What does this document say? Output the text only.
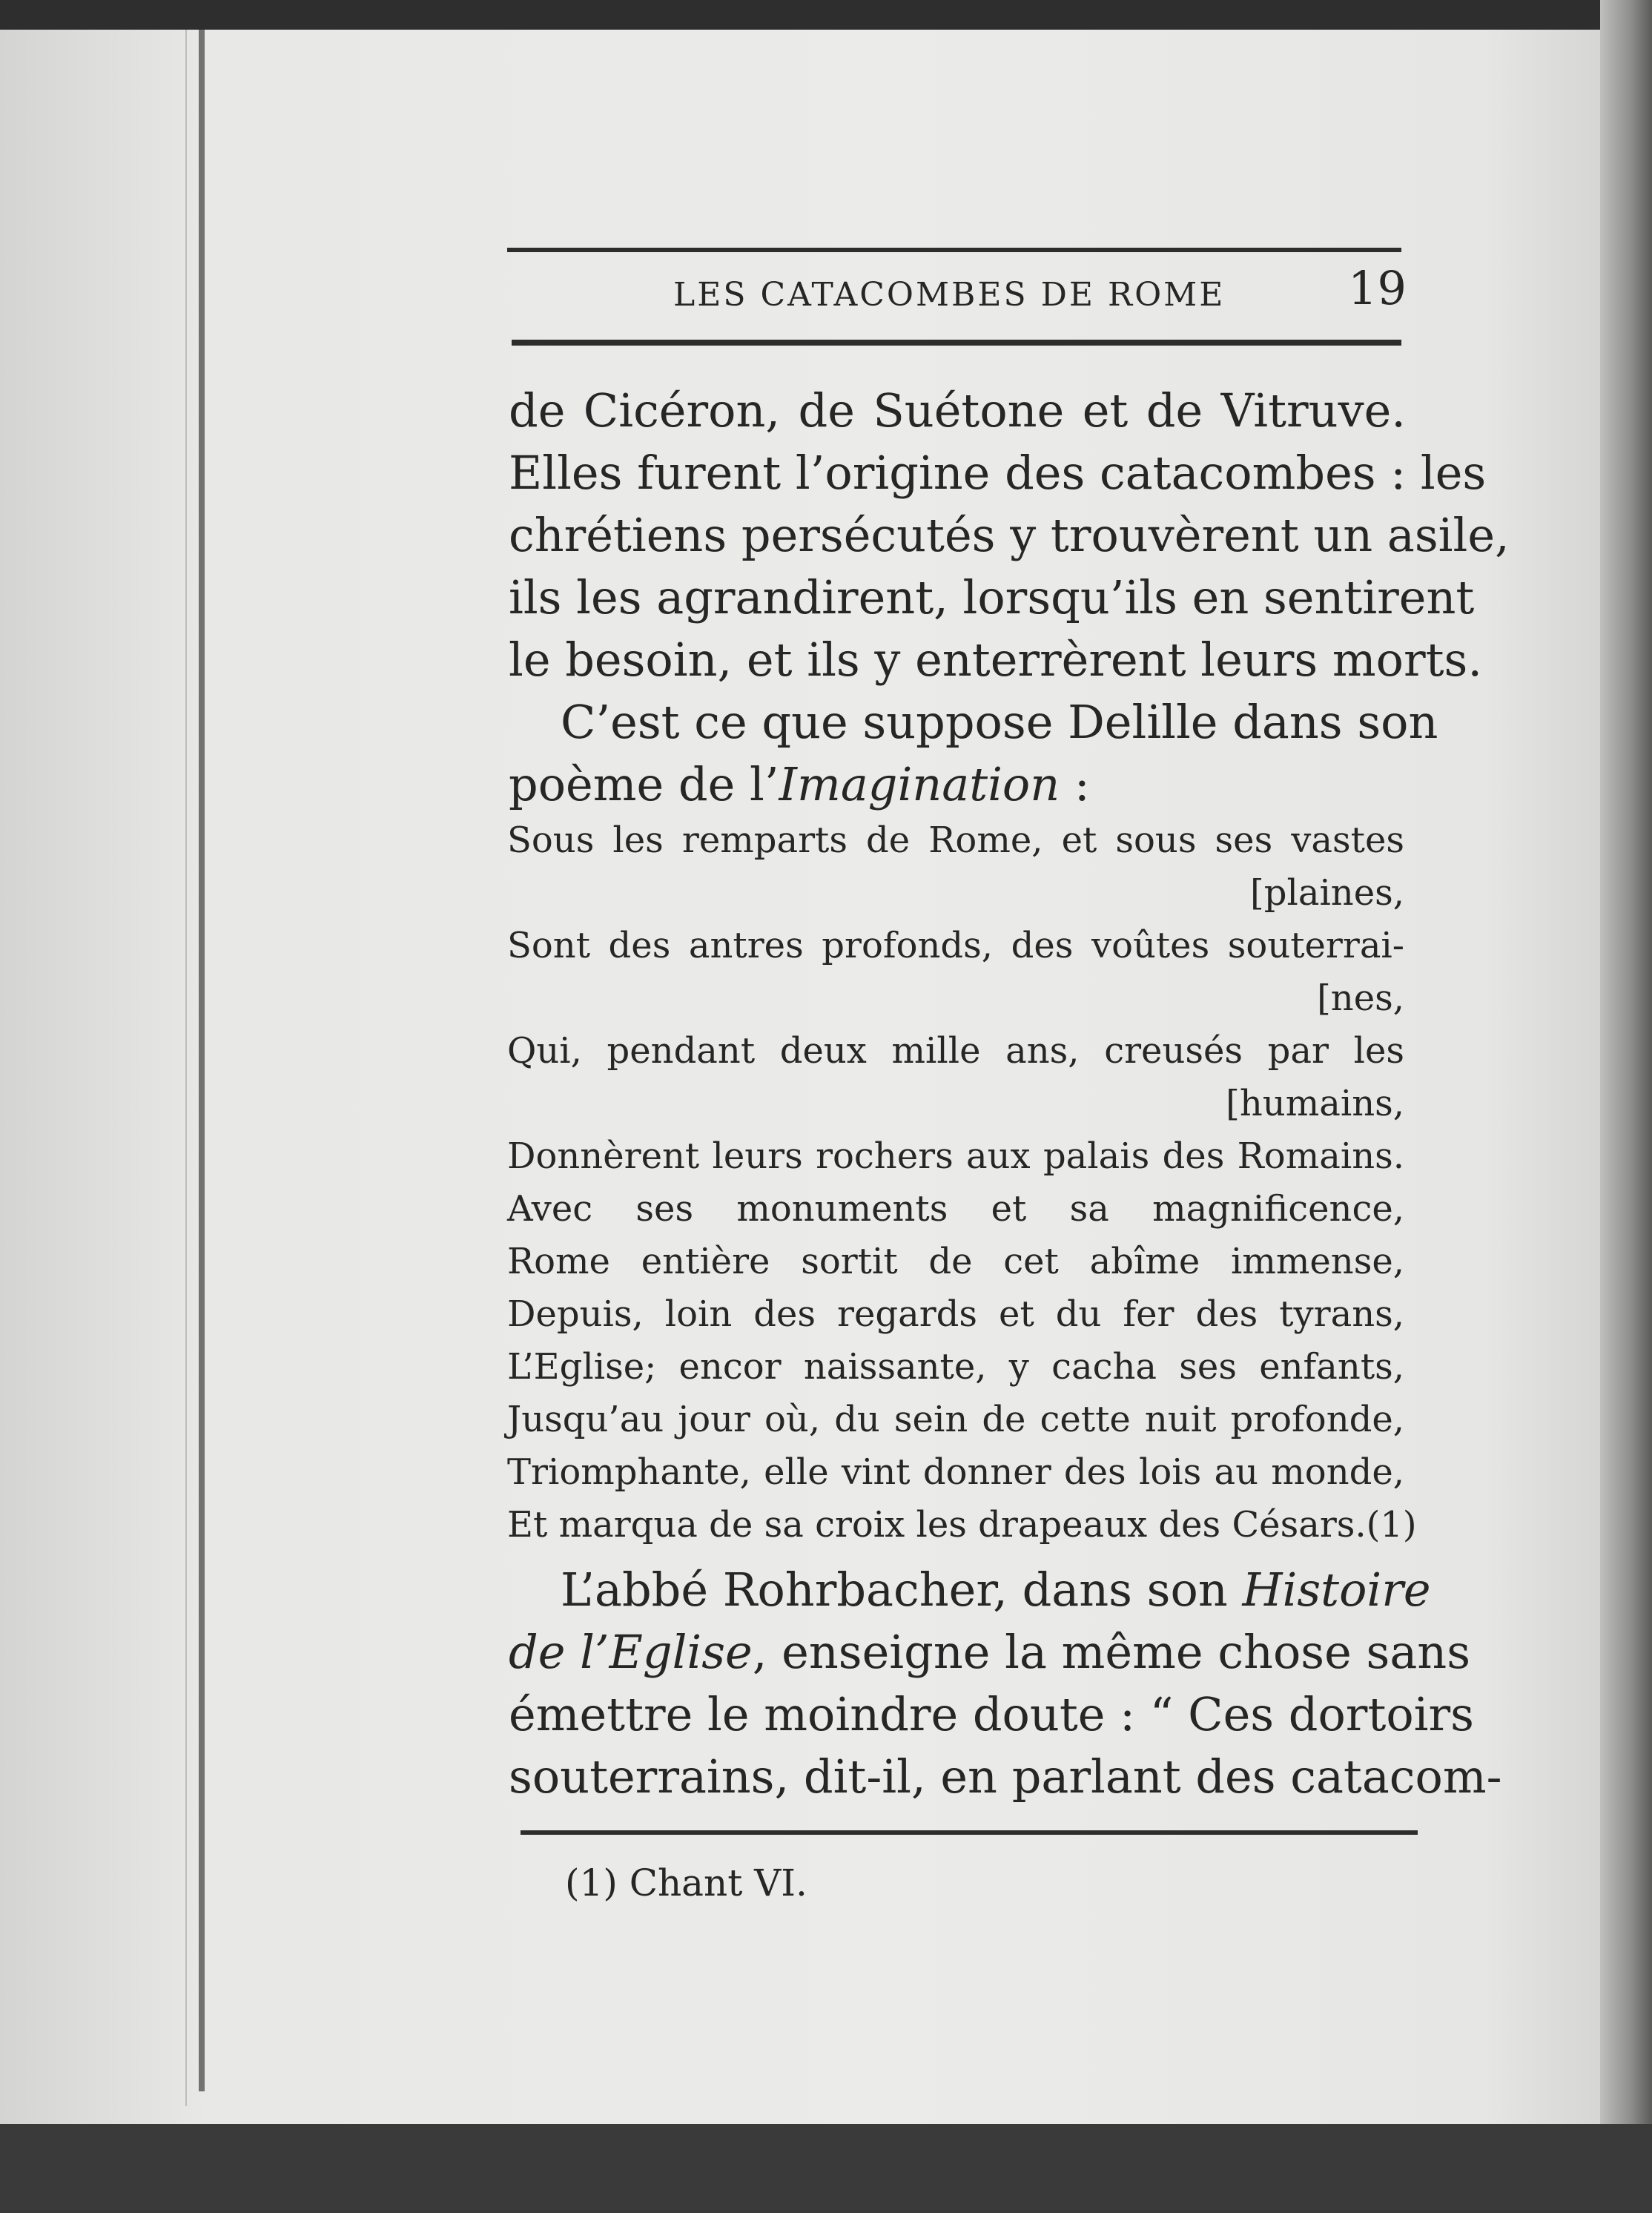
LES CATACOMBES DE ROME	19
de Cicéron, de Suétone et de Vitruve.
Elles furent l’origine des catacombes : les
chrétiens persécutés y trouvèrent un asile,
ils les agrandirent, lorsqu’ils en sentirent
le besoin, et ils y enterrèrent leurs morts.
C’est ce que suppose Delille dans son
poème de l’Imagination :
Sous les remparts de Rome, et sous ses vastes
[plaines,
Sont des antres profonds, des voûtes souterrai-
[nes,
Qui, pendant deux mille ans, creusés par les
[humains,
Donnèrent leurs rochers aux palais des Romains.
Avec ses monuments et sa magnificence,
Rome entière sortit de cet abîme immense,
Depuis, loin des regards et du fer des tyrans,
L’Eglise; encor naissante, y cacha ses enfants,
Jusqu’au jour où, du sein de cette nuit profonde,
Triomphante, elle vint donner des lois au monde,
Et marqua de sa croix les drapeaux des Césars.(1)
L’abbé Rohrbacher, dans son Histoire
de l’Eglise, enseigne la même chose sans
émettre le moindre doute : “ Ces dortoirs
souterrains, dit-il, en parlant des catacom-
(1) Chant VI.
